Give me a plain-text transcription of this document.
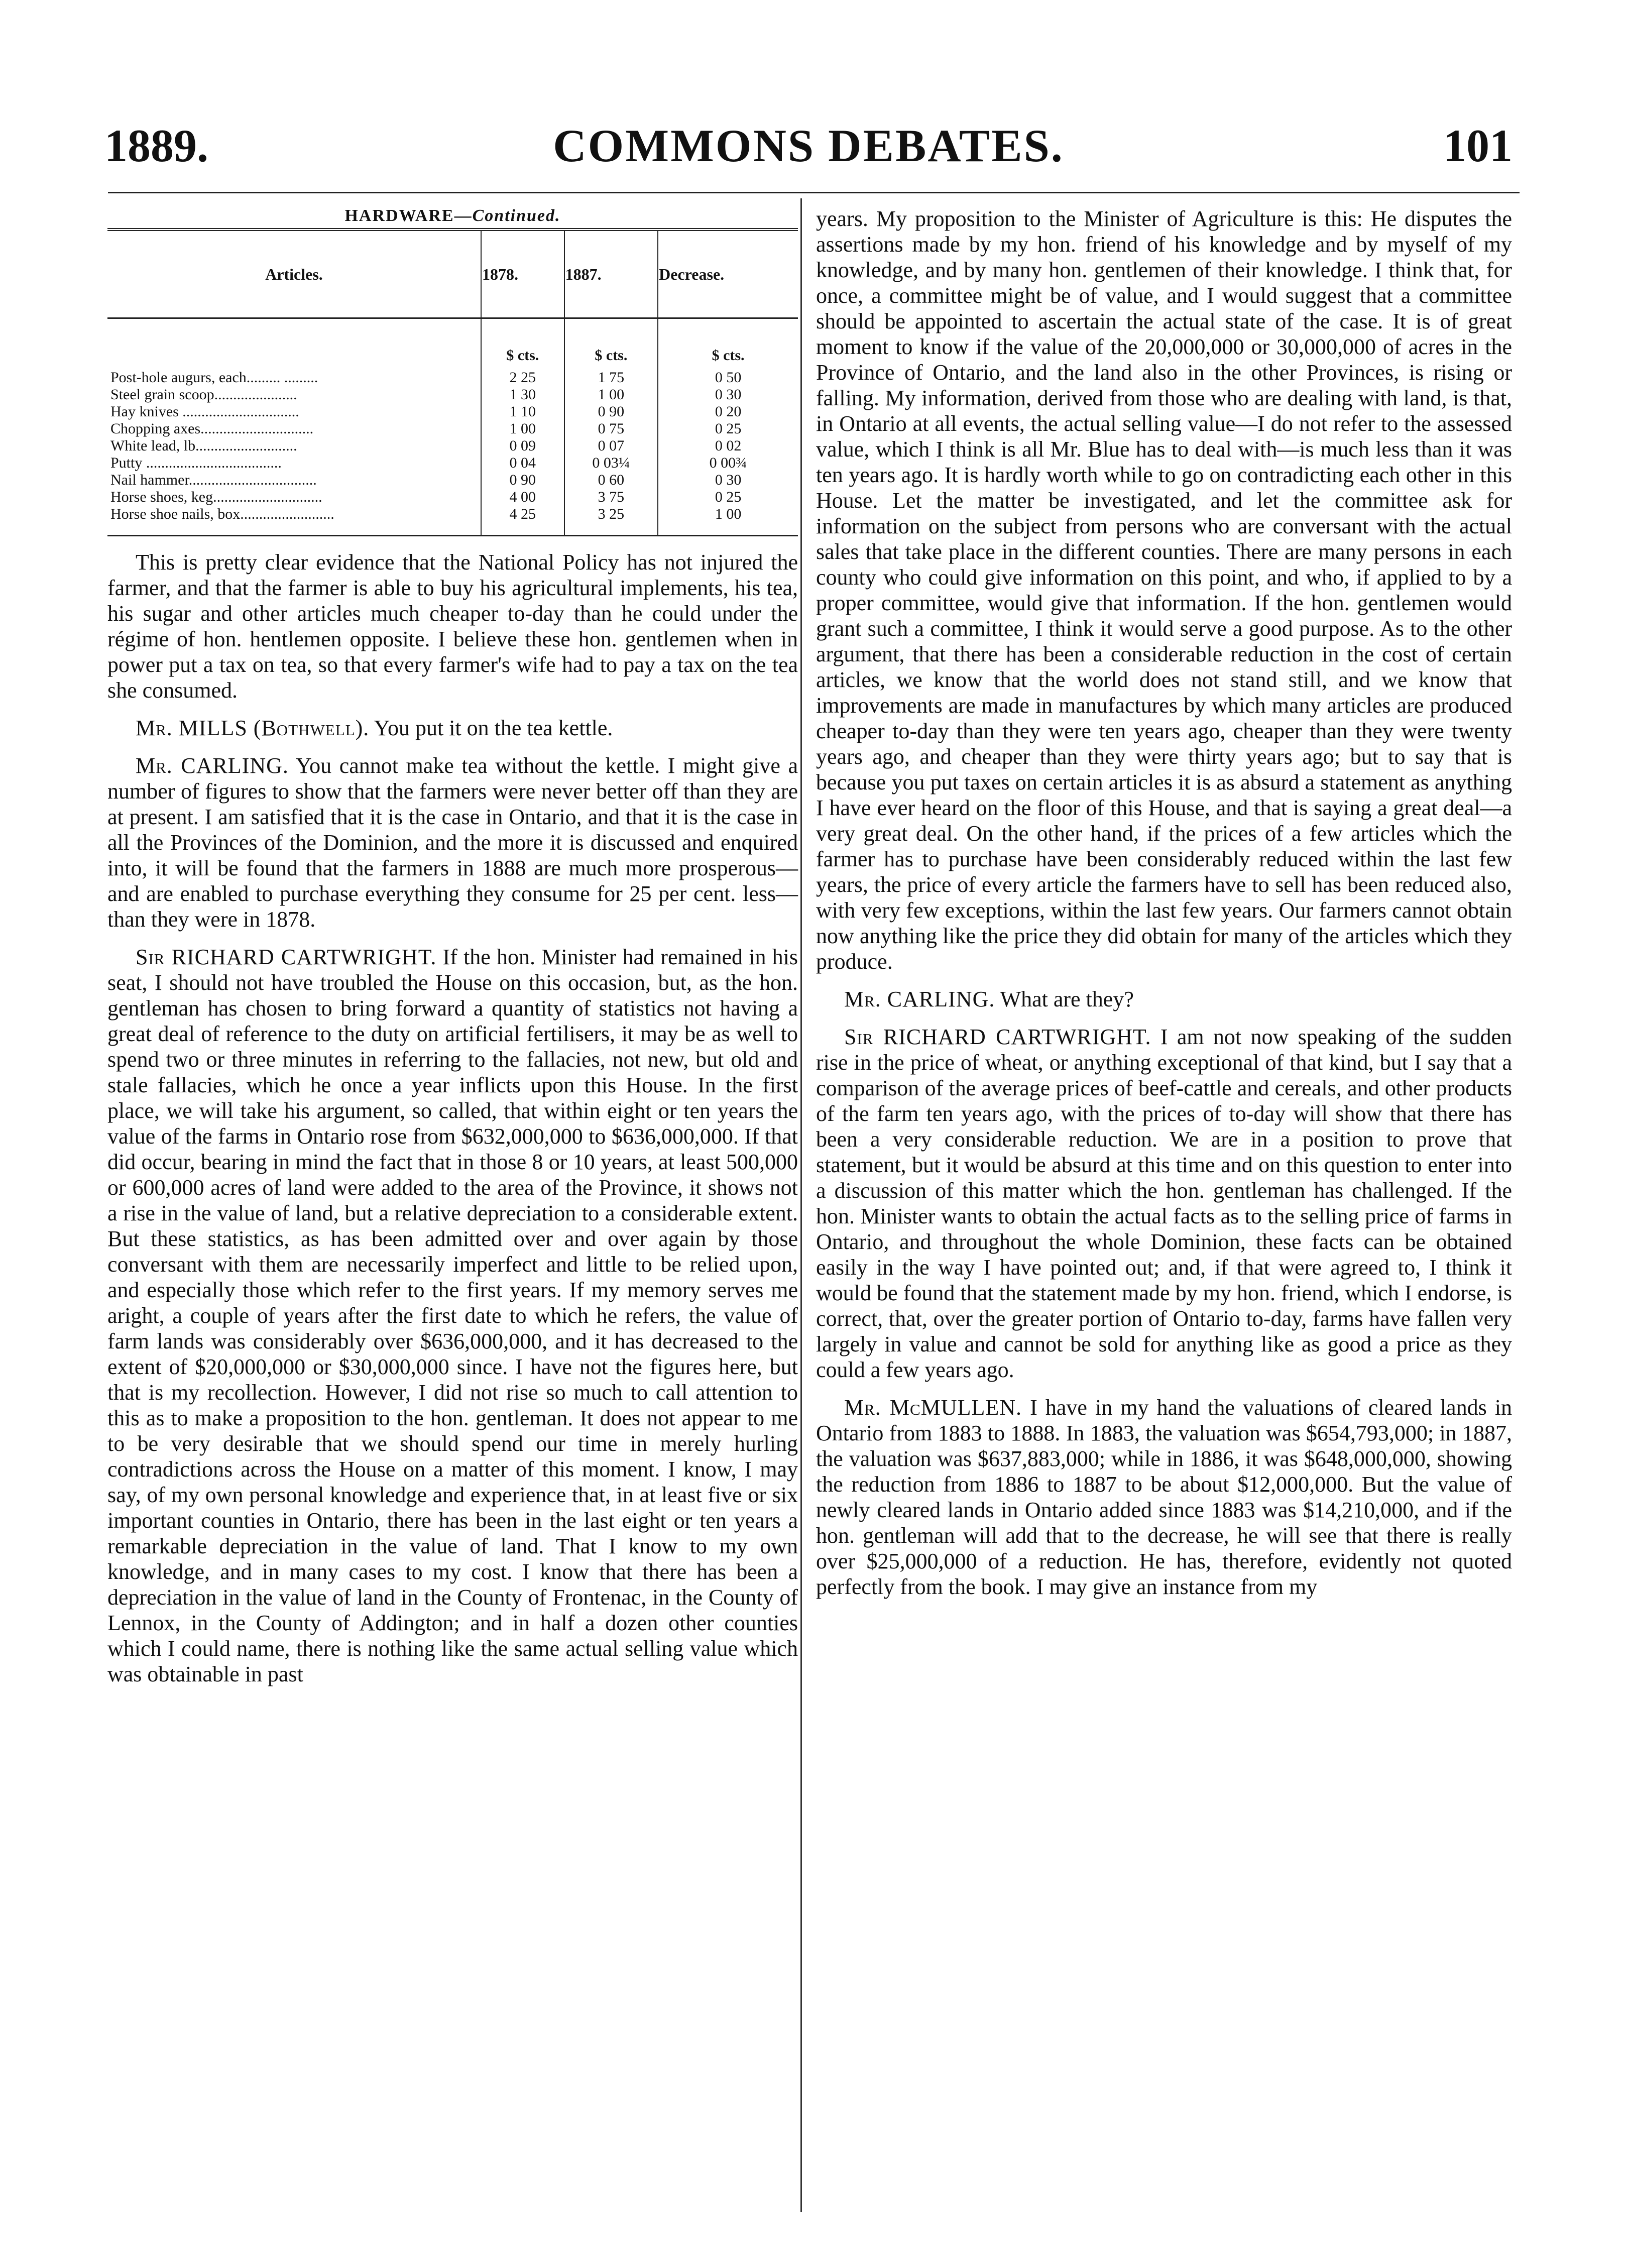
1889.	COMMONS DEBATES.	101
HARDWARE—Continued.
Articles.	1878.	1887.	Decrease.
	$ cts.	$ cts.	$ cts.
Post-hole augurs, each......... .........	2 25	1 75	0 50
Steel grain scoop......................	1 30	1 00	0 30
Hay knives ...............................	1 10	0 90	0 20
Chopping axes..............................	1 00	0 75	0 25
White lead, lb...........................	0 09	0 07	0 02
Putty ....................................	0 04	0 03¼	0 00¾
Nail hammer..................................	0 90	0 60	0 30
Horse shoes, keg.............................	4 00	3 75	0 25
Horse shoe nails, box.........................	4 25	3 25	1 00

This is pretty clear evidence that the National Policy has not injured the farmer, and that the farmer is able to buy his agricultural implements, his tea, his sugar and other articles much cheaper to-day than he could under the régime of hon. hentlemen opposite. I believe these hon. gentlemen when in power put a tax on tea, so that every farmer's wife had to pay a tax on the tea she consumed.

Mr. MILLS (Bothwell). You put it on the tea kettle.

Mr. CARLING. You cannot make tea without the kettle. I might give a number of figures to show that the farmers were never better off than they are at present. I am satisfied that it is the case in Ontario, and that it is the case in all the Provinces of the Dominion, and the more it is discussed and enquired into, it will be found that the farmers in 1888 are much more prosperous—and are enabled to purchase everything they consume for 25 per cent. less—than they were in 1878.

Sir RICHARD CARTWRIGHT. If the hon. Minister had remained in his seat, I should not have troubled the House on this occasion, but, as the hon. gentleman has chosen to bring forward a quantity of statistics not having a great deal of reference to the duty on artificial fertilisers, it may be as well to spend two or three minutes in referring to the fallacies, not new, but old and stale fallacies, which he once a year inflicts upon this House. In the first place, we will take his argument, so called, that within eight or ten years the value of the farms in Ontario rose from $632,000,000 to $636,000,000. If that did occur, bearing in mind the fact that in those 8 or 10 years, at least 500,000 or 600,000 acres of land were added to the area of the Province, it shows not a rise in the value of land, but a relative depreciation to a considerable extent. But these statistics, as has been admitted over and over again by those conversant with them are necessarily imperfect and little to be relied upon, and especially those which refer to the first years. If my memory serves me aright, a couple of years after the first date to which he refers, the value of farm lands was considerably over $636,000,000, and it has decreased to the extent of $20,000,000 or $30,000,000 since. I have not the figures here, but that is my recollection. However, I did not rise so much to call attention to this as to make a proposition to the hon. gentleman. It does not appear to me to be very desirable that we should spend our time in merely hurling contradictions across the House on a matter of this moment. I know, I may say, of my own personal knowledge and experience that, in at least five or six important counties in Ontario, there has been in the last eight or ten years a remarkable depreciation in the value of land. That I know to my own knowledge, and in many cases to my cost. I know that there has been a depreciation in the value of land in the County of Frontenac, in the County of Lennox, in the County of Addington; and in half a dozen other counties which I could name, there is nothing like the same actual selling value which was obtainable in past

years. My proposition to the Minister of Agriculture is this: He disputes the assertions made by my hon. friend of his knowledge and by myself of my knowledge, and by many hon. gentlemen of their knowledge. I think that, for once, a committee might be of value, and I would suggest that a committee should be appointed to ascertain the actual state of the case. It is of great moment to know if the value of the 20,000,000 or 30,000,000 of acres in the Province of Ontario, and the land also in the other Provinces, is rising or falling. My information, derived from those who are dealing with land, is that, in Ontario at all events, the actual selling value—I do not refer to the assessed value, which I think is all Mr. Blue has to deal with—is much less than it was ten years ago. It is hardly worth while to go on contradicting each other in this House. Let the matter be investigated, and let the committee ask for information on the subject from persons who are conversant with the actual sales that take place in the different counties. There are many persons in each county who could give information on this point, and who, if applied to by a proper committee, would give that information. If the hon. gentlemen would grant such a committee, I think it would serve a good purpose. As to the other argument, that there has been a considerable reduction in the cost of certain articles, we know that the world does not stand still, and we know that improvements are made in manufactures by which many articles are produced cheaper to-day than they were ten years ago, cheaper than they were twenty years ago, and cheaper than they were thirty years ago; but to say that is because you put taxes on certain articles it is as absurd a statement as anything I have ever heard on the floor of this House, and that is saying a great deal—a very great deal. On the other hand, if the prices of a few articles which the farmer has to purchase have been considerably reduced within the last few years, the price of every article the farmers have to sell has been reduced also, with very few exceptions, within the last few years. Our farmers cannot obtain now anything like the price they did obtain for many of the articles which they produce.

Mr. CARLING. What are they?

Sir RICHARD CARTWRIGHT. I am not now speaking of the sudden rise in the price of wheat, or anything exceptional of that kind, but I say that a comparison of the average prices of beef-cattle and cereals, and other products of the farm ten years ago, with the prices of to-day will show that there has been a very considerable reduction. We are in a position to prove that statement, but it would be absurd at this time and on this question to enter into a discussion of this matter which the hon. gentleman has challenged. If the hon. Minister wants to obtain the actual facts as to the selling price of farms in Ontario, and throughout the whole Dominion, these facts can be obtained easily in the way I have pointed out; and, if that were agreed to, I think it would be found that the statement made by my hon. friend, which I endorse, is correct, that, over the greater portion of Ontario to-day, farms have fallen very largely in value and cannot be sold for anything like as good a price as they could a few years ago.

Mr. McMULLEN. I have in my hand the valuations of cleared lands in Ontario from 1883 to 1888. In 1883, the valuation was $654,793,000; in 1887, the valuation was $637,883,000; while in 1886, it was $648,000,000, showing the reduction from 1886 to 1887 to be about $12,000,000. But the value of newly cleared lands in Ontario added since 1883 was $14,210,000, and if the hon. gentleman will add that to the decrease, he will see that there is really over $25,000,000 of a reduction. He has, therefore, evidently not quoted perfectly from the book. I may give an instance from my
